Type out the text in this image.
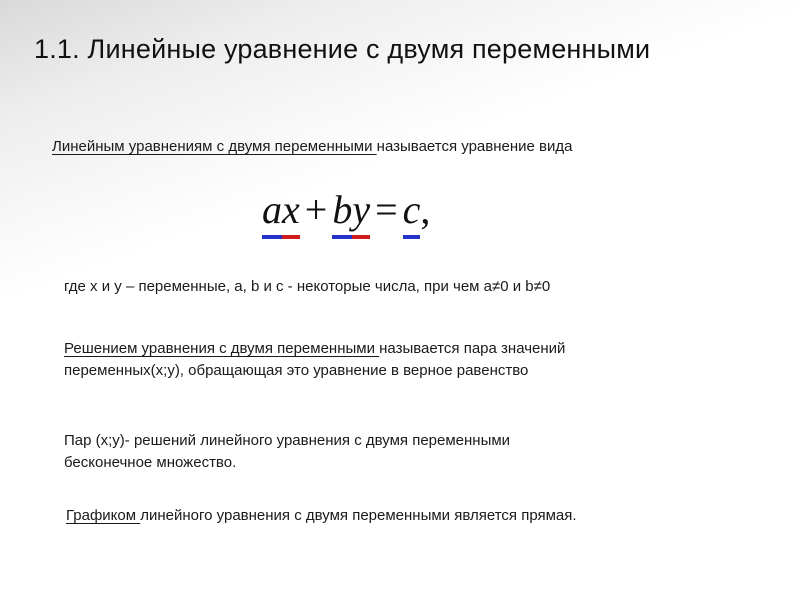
1.1. Линейные уравнение с двумя переменными
Линейным уравнениям с двумя переменными называется уравнение вида
a x + b y = c ,
где x и y – переменные, a, b и c - некоторые числа, при чем a≠0 и b≠0
Решением уравнения с двумя переменными называется пара значений
переменных(x;y), обращающая это уравнение в верное равенство
Пар (x;y)- решений линейного уравнения с двумя переменными
бесконечное множество.
Графиком линейного уравнения с двумя переменными является прямая.
